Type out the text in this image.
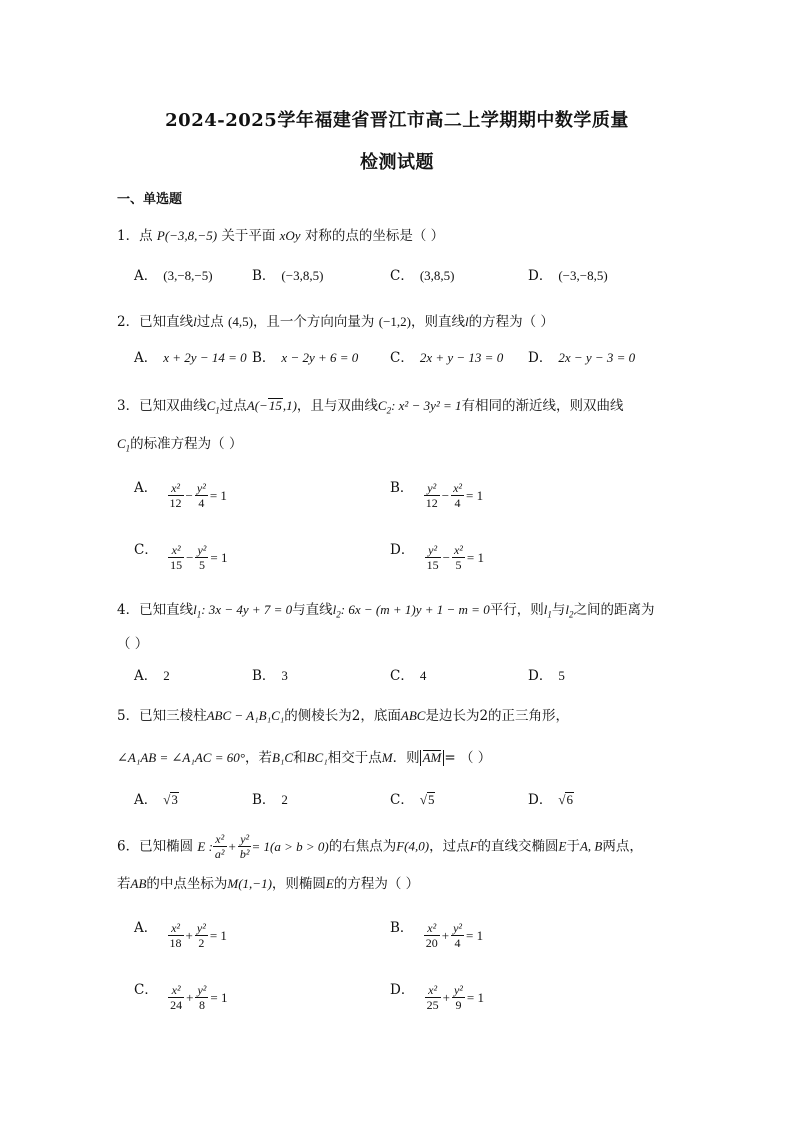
2024-2025学年福建省晋江市高二上学期期中数学质量
检测试题
一、单选题
1．点 P(−3,8,−5) 关于平面 xOy 对称的点的坐标是（ ）
A． (3,−8,−5)	B． (−3,8,5)	C． (3,8,5)	D． (−3,−8,5)
2．已知直线l过点 (4,5)，且一个方向向量为 (−1,2)，则直线l的方程为（ ）
A． x + 2y − 14 = 0 B． x − 2y + 6 = 0 C． 2x + y − 13 = 0 D． 2x − y − 3 = 0
3．已知双曲线$C_1$过点A(−15,1)，且与双曲线$C_2$: x² − 3y² = 1有相同的渐近线，则双曲线
$C_1$的标准方程为（ ）
A． $\frac{\text{x²}}{12} - \frac{\text{y²}}{4} = 1$	B． $\frac{\text{y²}}{12} - \frac{\text{x²}}{4} = 1$
C． $\frac{\text{x²}}{15} - \frac{\text{y²}}{5} = 1$	D． $\frac{\text{y²}}{15} - \frac{\text{x²}}{5} = 1$
4．已知直线$l_1$: 3x − 4y + 7 = 0与直线$l_2$: 6x − (m + 1)y + 1 − m = 0平行，则$l_1$与$l_2$之间的距离为
（ ）
A． 2	B． 3	C． 4	D． 5
5．已知三棱柱ABC − A₁B₁C₁的侧棱长为2，底面ABC是边长为2的正三角形，
∠A₁AB = ∠A₁AC = 60°，若B₁C和BC₁相交于点M．则 AM = （ ）
A． √3	B． 2	C． √5	D． √6
6．已知椭圆 E : $\frac{\text{x²}}{\text{a²}} + \frac{\text{y²}}{\text{b²}} = 1(a > b > 0)$ 的右焦点为F(4,0)，过点F的直线交椭圆E于A, B两点，
若AB的中点坐标为M(1,−1)，则椭圆E的方程为（ ）
A． $\frac{\text{x²}}{18} + \frac{\text{y²}}{2} = 1$	B． $\frac{\text{x²}}{20} + \frac{\text{y²}}{4} = 1$
C． $\frac{\text{x²}}{24} + \frac{\text{y²}}{8} = 1$	D． $\frac{\text{x²}}{25} + \frac{\text{y²}}{9} = 1$
